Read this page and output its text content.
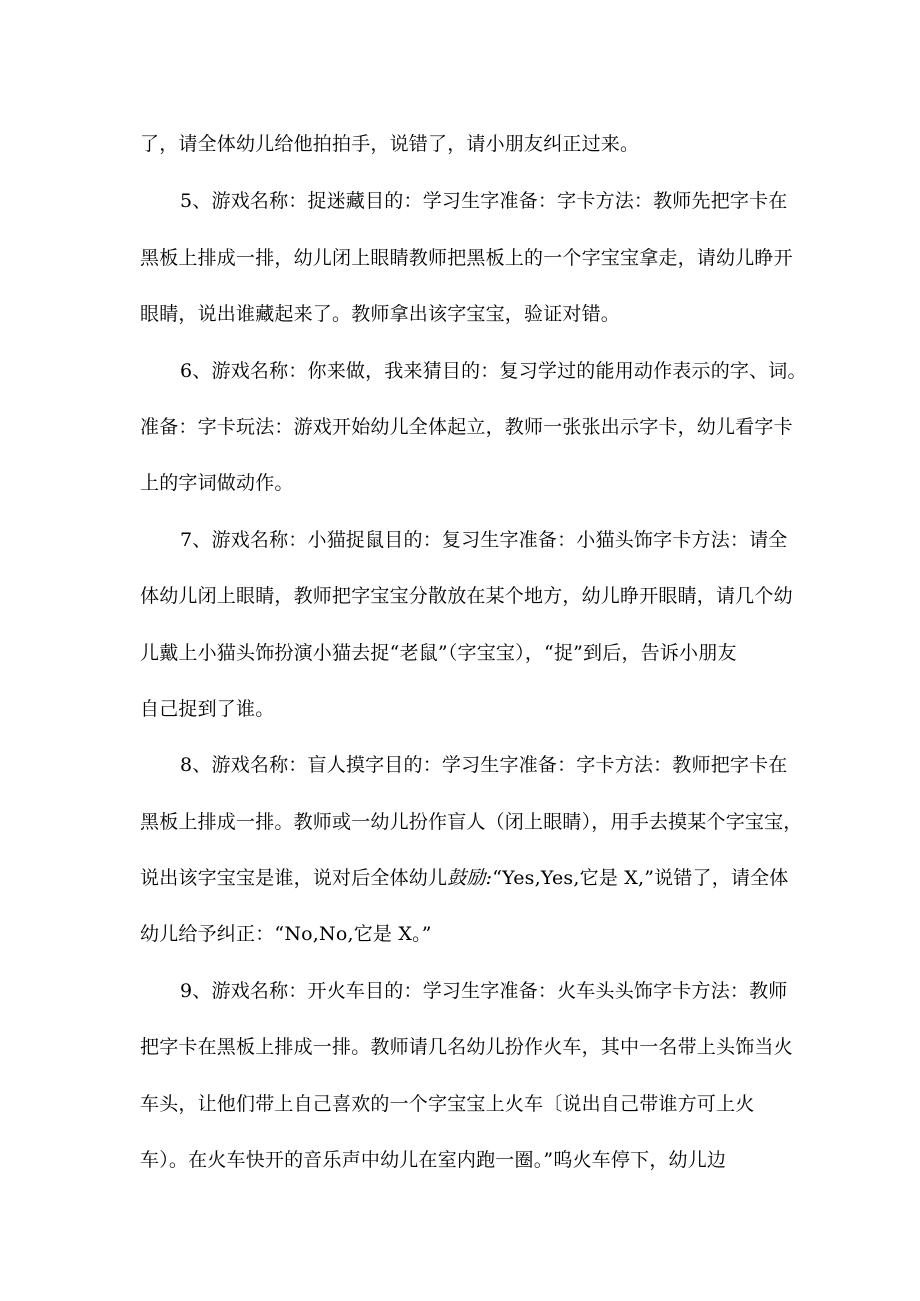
了，请全体幼儿给他拍拍手，说错了，请小朋友纠正过来。
5、游戏名称：捉迷藏目的：学习生字准备：字卡方法：教师先把字卡在
黑板上排成一排，幼儿闭上眼睛教师把黑板上的一个字宝宝拿走，请幼儿睁开
眼睛，说出谁藏起来了。教师拿出该字宝宝，验证对错。
6、游戏名称：你来做，我来猜目的：复习学过的能用动作表示的字、词。
准备：字卡玩法：游戏开始幼儿全体起立，教师一张张出示字卡，幼儿看字卡
上的字词做动作。
7、游戏名称：小猫捉鼠目的：复习生字准备：小猫头饰字卡方法：请全
体幼儿闭上眼睛，教师把字宝宝分散放在某个地方，幼儿睁开眼睛，请几个幼
儿戴上小猫头饰扮演小猫去捉“老鼠”（字宝宝），“捉”到后，告诉小朋友
自己捉到了谁。
8、游戏名称：盲人摸字目的：学习生字准备：字卡方法：教师把字卡在
黑板上排成一排。教师或一幼儿扮作盲人（闭上眼睛），用手去摸某个字宝宝，
说出该字宝宝是谁，说对后全体幼儿鼓励:“Yes,Yes,它是 X,”说错了，请全体
幼儿给予纠正：“No,No,它是 X。”
9、游戏名称：开火车目的：学习生字准备：火车头头饰字卡方法：教师
把字卡在黑板上排成一排。教师请几名幼儿扮作火车，其中一名带上头饰当火
车头，让他们带上自己喜欢的一个字宝宝上火车〔说出自己带谁方可上火
车）。在火车快开的音乐声中幼儿在室内跑一圈。”呜火车停下，幼儿边
